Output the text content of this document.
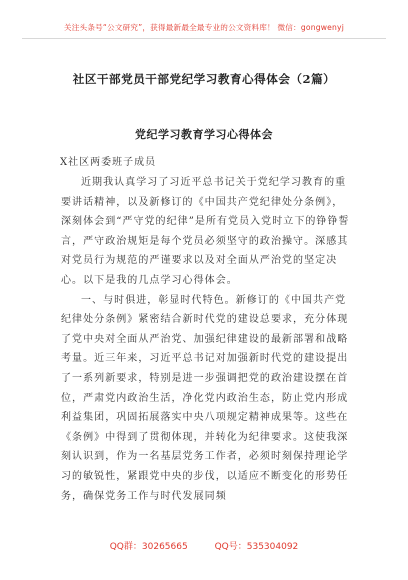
关注头条号“公文研究”，获得最新最全最专业的公文资料库！ 微信：gongwenyj
社区干部党员干部党纪学习教育心得体会（2篇）
党纪学习教育学习心得体会
X社区两委班子成员

近期我认真学习了习近平总书记关于党纪学习教育的重要讲话精神，以及新修订的《中国共产党纪律处分条例》，深刻体会到“严守党的纪律”是所有党员入党时立下的铮铮誓言，严守政治规矩是每个党员必须坚守的政治操守。深感其对党员行为规范的严谨要求以及对全面从严治党的坚定决心。以下是我的几点学习心得体会。

一、与时俱进，彰显时代特色。新修订的《中国共产党纪律处分条例》紧密结合新时代党的建设总要求，充分体现了党中央对全面从严治党、加强纪律建设的最新部署和战略考量。近三年来，习近平总书记对加强新时代党的建设提出了一系列新要求，特别是进一步强调把党的政治建设摆在首位，严肃党内政治生活，净化党内政治生态，防止党内形成利益集团，巩固拓展落实中央八项规定精神成果等。这些在《条例》中得到了贯彻体现，并转化为纪律要求。这使我深刻认识到，作为一名基层党务工作者，必须时刻保持理论学习的敏锐性，紧跟党中央的步伐，以适应不断变化的形势任务，确保党务工作与时代发展同频

QQ群：30265665	QQ号：535304092
